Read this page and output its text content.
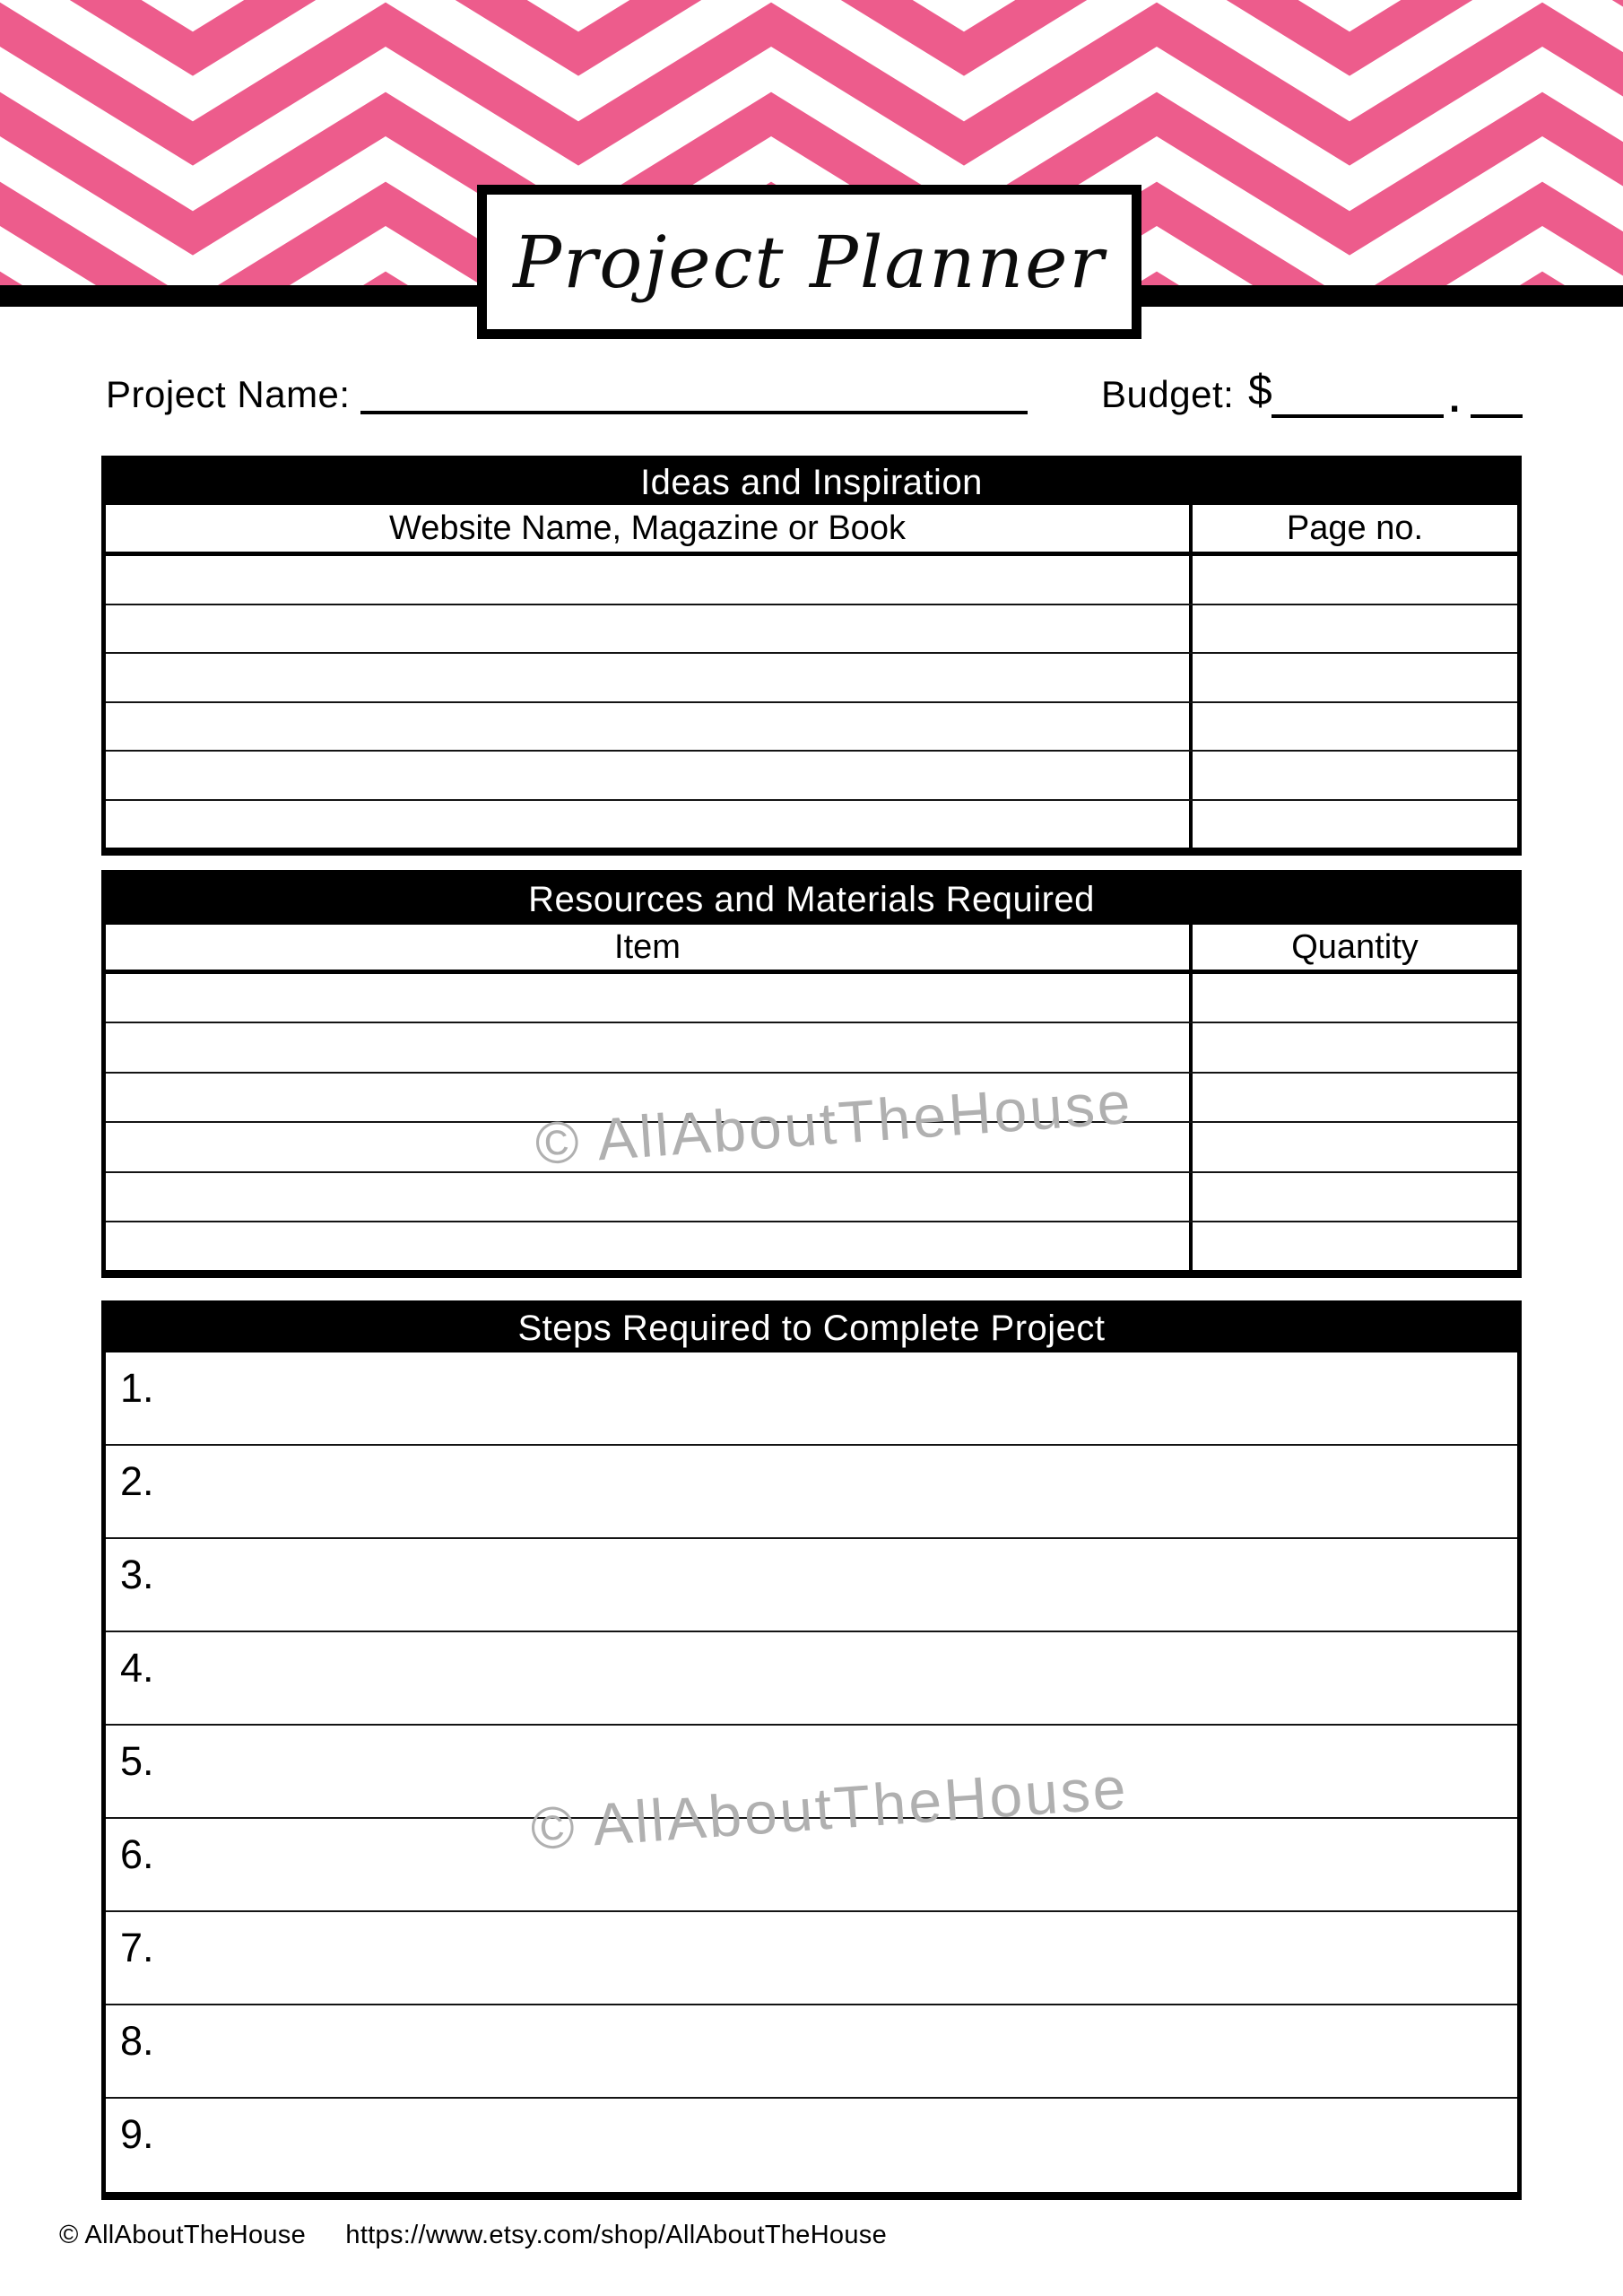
Project Planner
Project Name:	Budget: $	.
Ideas and Inspiration
Website Name, Magazine or Book	Page no.
Resources and Materials Required
Item	Quantity
Steps Required to Complete Project
1.
2.
3.
4.
5.
6.
7.
8.
9.
© AllAboutTheHouse
© AllAboutTheHouse
© AllAboutTheHouse https://www.etsy.com/shop/AllAboutTheHouse
